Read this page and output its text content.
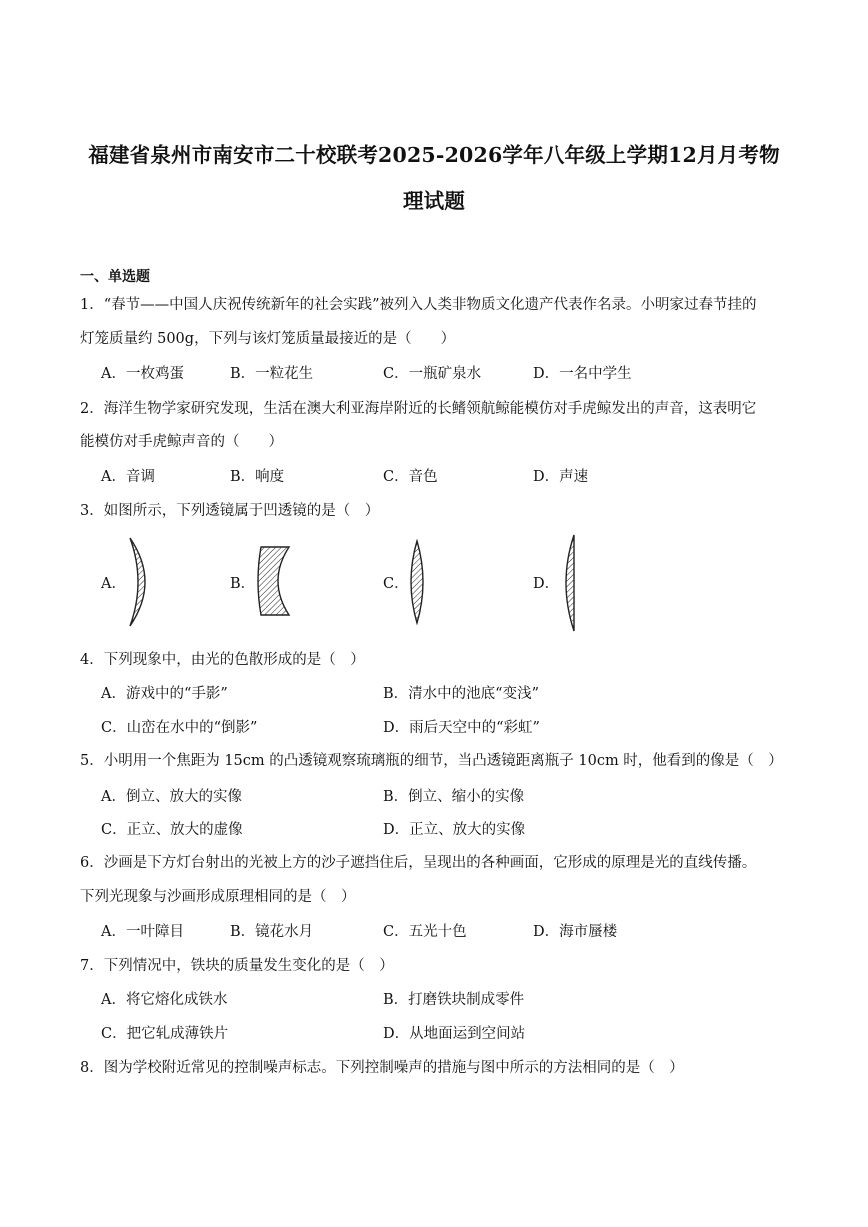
福建省泉州市南安市二十校联考2025-2026学年八年级上学期12月月考物
理试题
一、单选题
1．“春节——中国人庆祝传统新年的社会实践”被列入人类非物质文化遗产代表作名录。小明家过春节挂的
灯笼质量约 500g，下列与该灯笼质量最接近的是（　　）
A．一枚鸡蛋	B．一粒花生	C．一瓶矿泉水	D．一名中学生
2．海洋生物学家研究发现，生活在澳大利亚海岸附近的长鳍领航鲸能模仿对手虎鲸发出的声音，这表明它
能模仿对手虎鲸声音的（　　）
A．音调	B．响度	C．音色	D．声速
3．如图所示，下列透镜属于凹透镜的是（　）
A．	B．	C．	D．
4．下列现象中，由光的色散形成的是（　）
A．游戏中的“手影”	B．清水中的池底“变浅”
C．山峦在水中的“倒影”	D．雨后天空中的“彩虹”
5．小明用一个焦距为 15cm 的凸透镜观察琉璃瓶的细节，当凸透镜距离瓶子 10cm 时，他看到的像是（　）
A．倒立、放大的实像	B．倒立、缩小的实像
C．正立、放大的虚像	D．正立、放大的实像
6．沙画是下方灯台射出的光被上方的沙子遮挡住后，呈现出的各种画面，它形成的原理是光的直线传播。
下列光现象与沙画形成原理相同的是（　）
A．一叶障目	B．镜花水月	C．五光十色	D．海市蜃楼
7．下列情况中，铁块的质量发生变化的是（　）
A．将它熔化成铁水	B．打磨铁块制成零件
C．把它轧成薄铁片	D．从地面运到空间站
8．图为学校附近常见的控制噪声标志。下列控制噪声的措施与图中所示的方法相同的是（　）
